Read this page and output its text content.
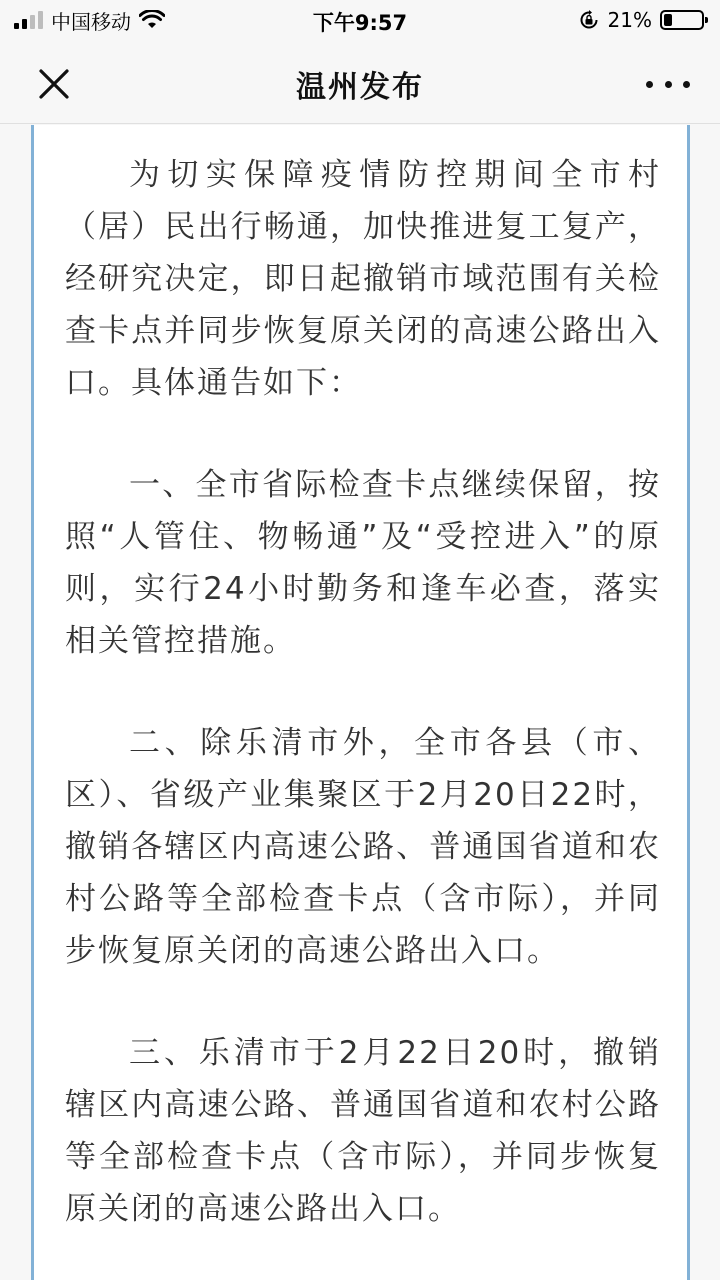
中国移动	下午9:57	21%
温州发布

为切实保障疫情防控期间全市村（居）民出行畅通，加快推进复工复产，经研究决定，即日起撤销市域范围有关检查卡点并同步恢复原关闭的高速公路出入口。具体通告如下：

一、全市省际检查卡点继续保留，按照“人管住、物畅通”及“受控进入”的原则，实行24小时勤务和逢车必查，落实相关管控措施。

二、除乐清市外，全市各县（市、区）、省级产业集聚区于2月20日22时，撤销各辖区内高速公路、普通国省道和农村公路等全部检查卡点（含市际），并同步恢复原关闭的高速公路出入口。

三、乐清市于2月22日20时，撤销辖区内高速公路、普通国省道和农村公路等全部检查卡点（含市际），并同步恢复原关闭的高速公路出入口。
